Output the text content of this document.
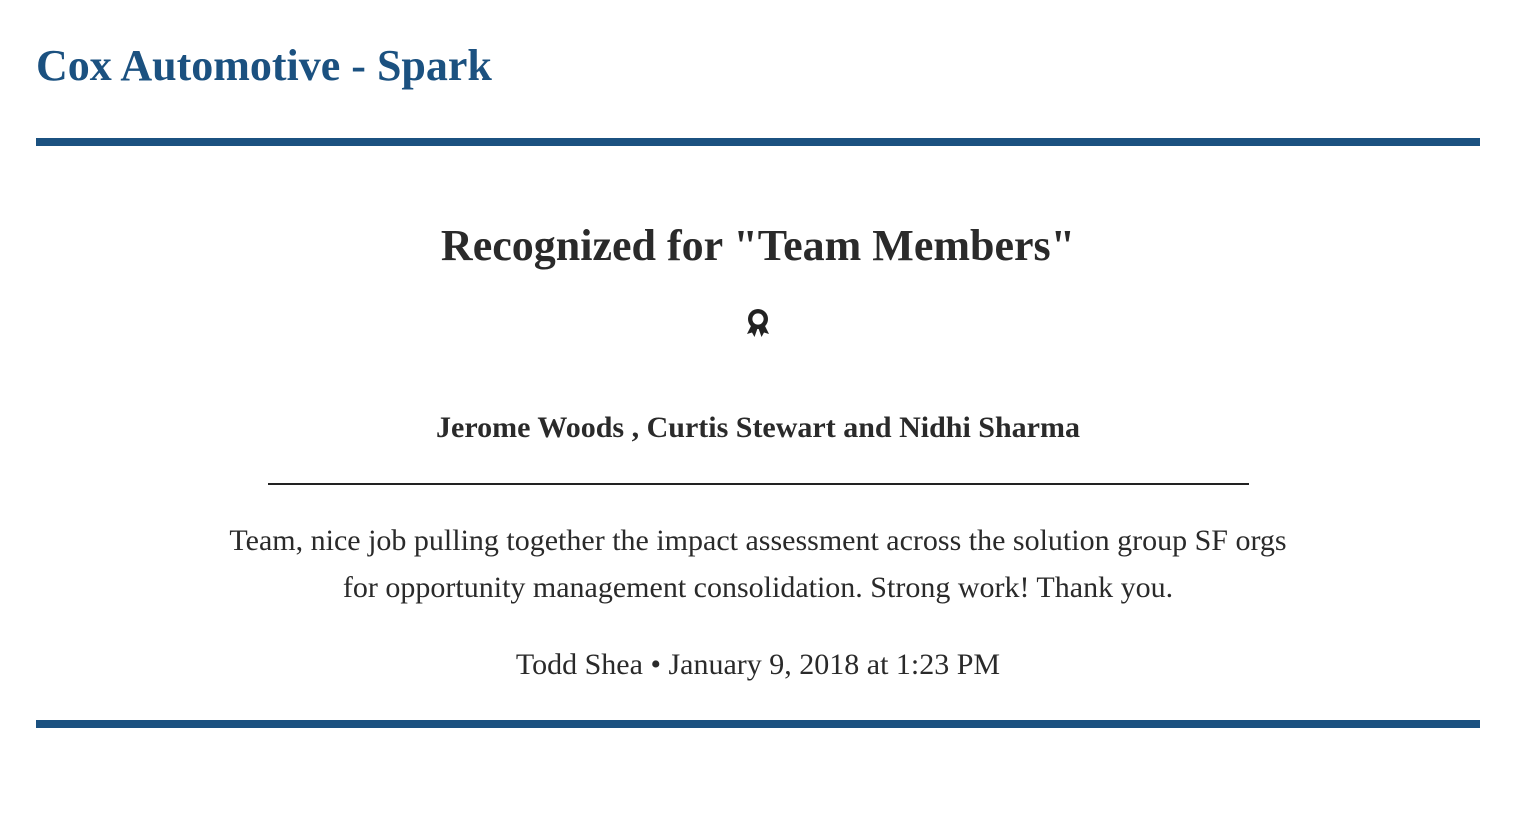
Cox Automotive - Spark
Recognized for "Team Members"

Jerome Woods , Curtis Stewart and Nidhi Sharma

Team, nice job pulling together the impact assessment across the solution group SF orgs for opportunity management consolidation. Strong work! Thank you.

Todd Shea • January 9, 2018 at 1:23 PM
